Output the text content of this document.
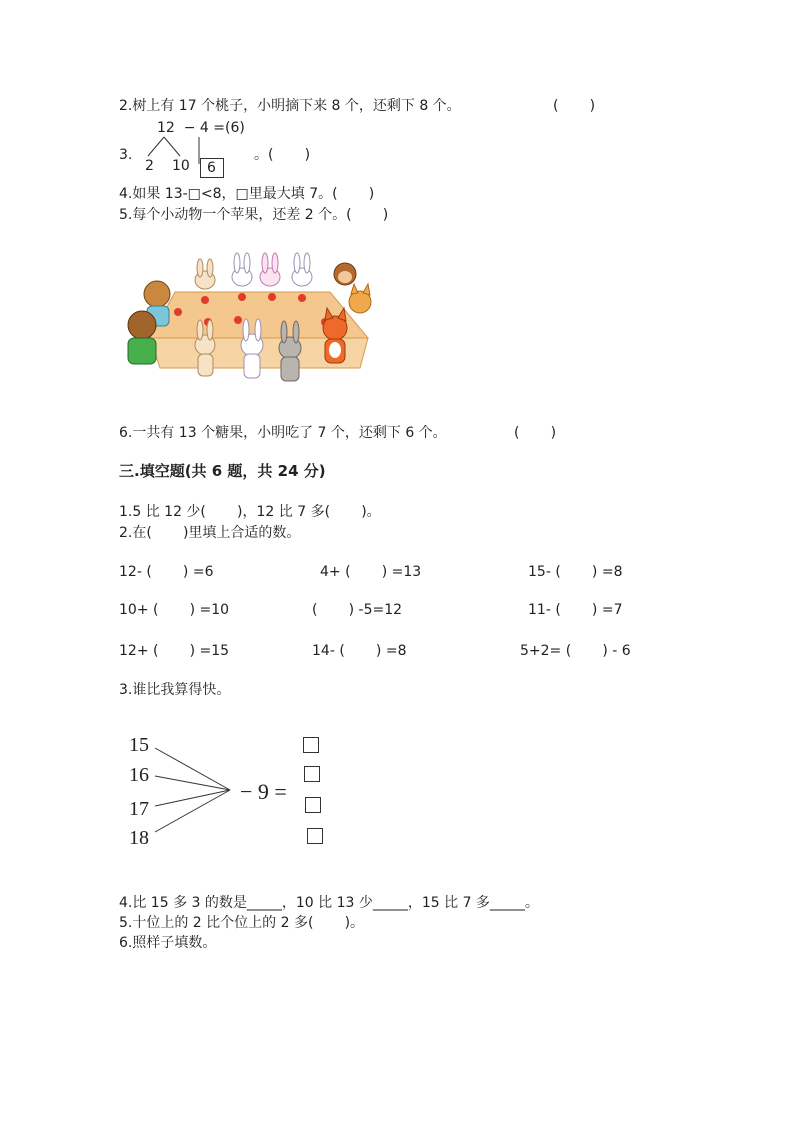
2.树上有 17 个桃子，小明摘下来 8 个，还剩下 8 个。	(       )
12  − 4 =(6)
3.
2 10 6
。(       )
4.如果 13-□<8，□里最大填 7。(       )
5.每个小动物一个苹果，还差 2 个。(       )
6.一共有 13 个糖果，小明吃了 7 个，还剩下 6 个。	(       )
三.填空题(共 6 题，共 24 分)
1.5 比 12 少(       )，12 比 7 多(       )。
2.在(       )里填上合适的数。
12- (       ) =6	4+ (       ) =13	15- (       ) =8
10+ (       ) =10	(       ) -5=12	11- (       ) =7
12+ (       ) =15	14- (       ) =8	5+2= (       ) - 6
3.谁比我算得快。
15
16
17
18
− 9 =
4.比 15 多 3 的数是_____，10 比 13 少_____，15 比 7 多_____。
5.十位上的 2 比个位上的 2 多(       )。
6.照样子填数。
